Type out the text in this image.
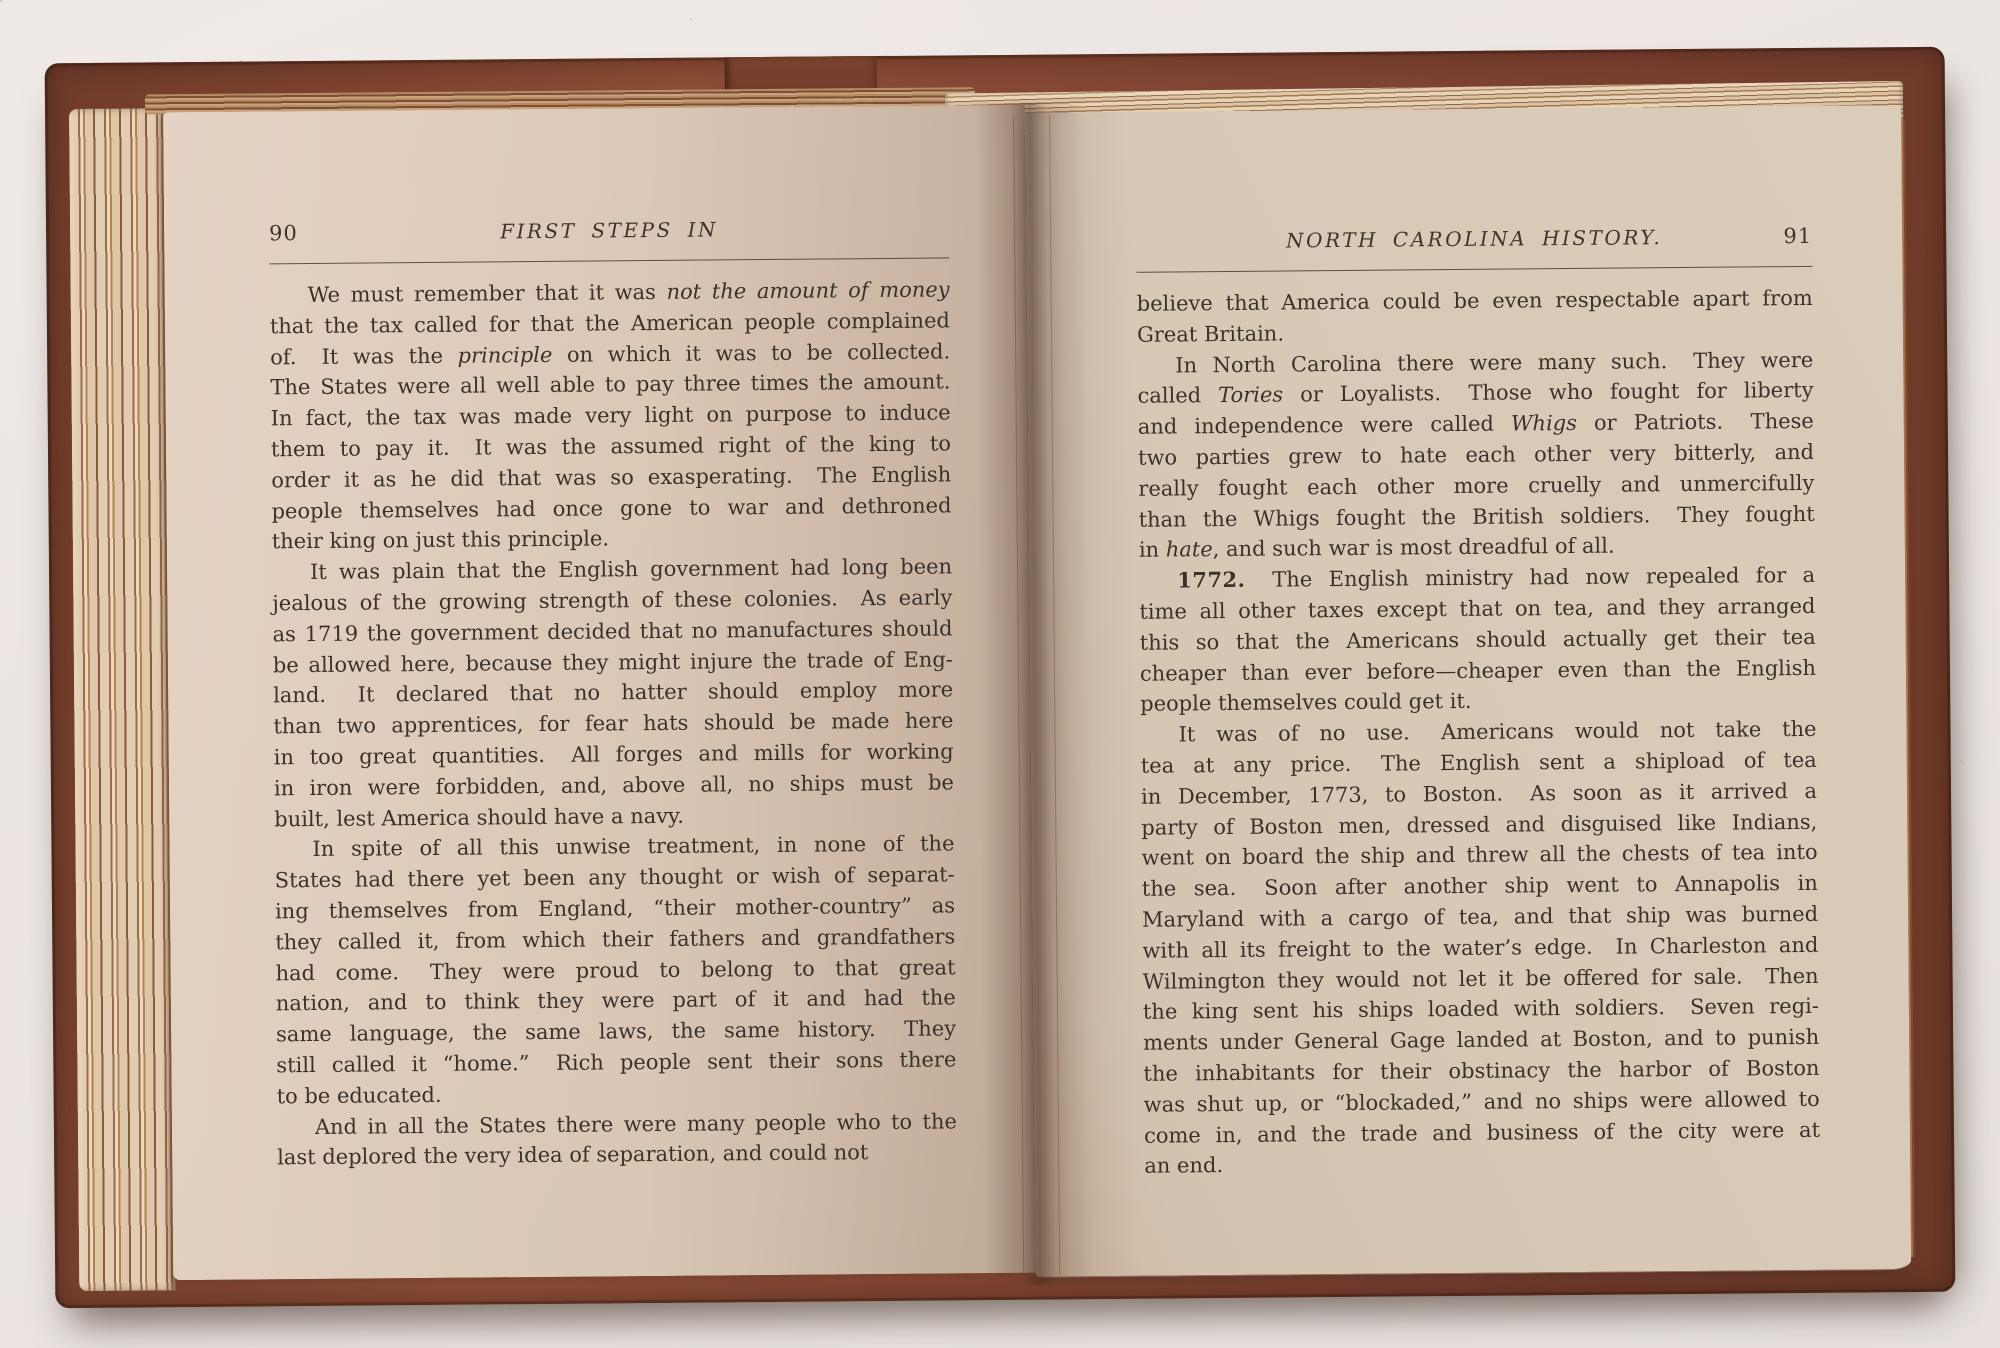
90	FIRST STEPS IN
We must remember that it was not the amount of money
that the tax called for that the American people complained
of.  It was the principle on which it was to be collected.
The States were all well able to pay three times the amount.
In fact, the tax was made very light on purpose to induce
them to pay it.  It was the assumed right of the king to
order it as he did that was so exasperating.  The English
people themselves had once gone to war and dethroned
their king on just this principle.
It was plain that the English government had long been
jealous of the growing strength of these colonies.  As early
as 1719 the government decided that no manufactures should
be allowed here, because they might injure the trade of Eng-
land.  It declared that no hatter should employ more
than two apprentices, for fear hats should be made here
in too great quantities.  All forges and mills for working
in iron were forbidden, and, above all, no ships must be
built, lest America should have a navy.
In spite of all this unwise treatment, in none of the
States had there yet been any thought or wish of separat-
ing themselves from England, “their mother-country” as
they called it, from which their fathers and grandfathers
had come.  They were proud to belong to that great
nation, and to think they were part of it and had the
same language, the same laws, the same history.  They
still called it “home.”  Rich people sent their sons there
to be educated.
And in all the States there were many people who to the
last deplored the very idea of separation, and could not
NORTH CAROLINA HISTORY.	91
believe that America could be even respectable apart from
Great Britain.
In North Carolina there were many such.  They were
called Tories or Loyalists.  Those who fought for liberty
and independence were called Whigs or Patriots.  These
two parties grew to hate each other very bitterly, and
really fought each other more cruelly and unmercifully
than the Whigs fought the British soldiers.  They fought
in hate, and such war is most dreadful of all.
1772.  The English ministry had now repealed for a
time all other taxes except that on tea, and they arranged
this so that the Americans should actually get their tea
cheaper than ever before—cheaper even than the English
people themselves could get it.
It was of no use.  Americans would not take the
tea at any price.  The English sent a shipload of tea
in December, 1773, to Boston.  As soon as it arrived a
party of Boston men, dressed and disguised like Indians,
went on board the ship and threw all the chests of tea into
the sea.  Soon after another ship went to Annapolis in
Maryland with a cargo of tea, and that ship was burned
with all its freight to the water’s edge.  In Charleston and
Wilmington they would not let it be offered for sale.  Then
the king sent his ships loaded with soldiers.  Seven regi-
ments under General Gage landed at Boston, and to punish
the inhabitants for their obstinacy the harbor of Boston
was shut up, or “blockaded,” and no ships were allowed to
come in, and the trade and business of the city were at
an end.
